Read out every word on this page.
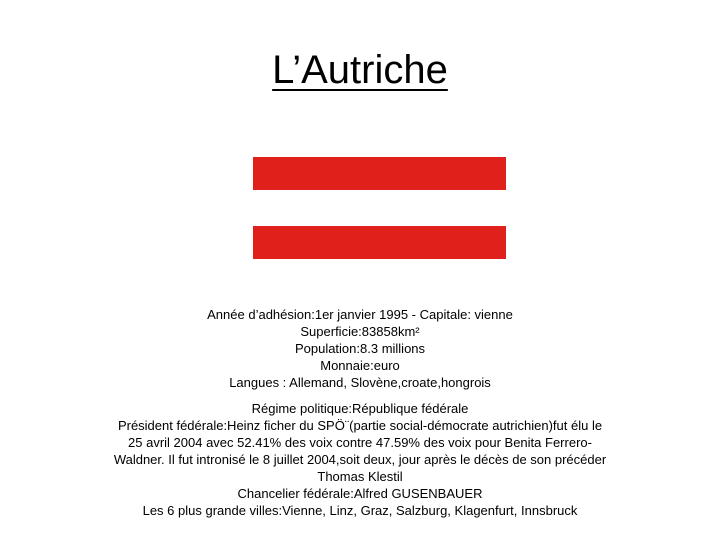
L’Autriche

Année d’adhésion:1er janvier 1995 - Capitale: vienne

Superficie:83858km²

Population:8.3 millions

Monnaie:euro

Langues : Allemand, Slovène,croate,hongrois

Régime politique:République fédérale

Président fédérale:Heinz ficher du SPÖ¨(partie social-démocrate autrichien)fut élu le 25 avril 2004 avec 52.41% des voix contre 47.59% des voix pour Benita Ferrero-Waldner. Il fut intronisé le 8 juillet 2004,soit deux, jour après le décès de son précéder Thomas Klestil

Chancelier fédérale:Alfred GUSENBAUER

Les 6 plus grande villes:Vienne, Linz, Graz, Salzburg, Klagenfurt, Innsbruck
